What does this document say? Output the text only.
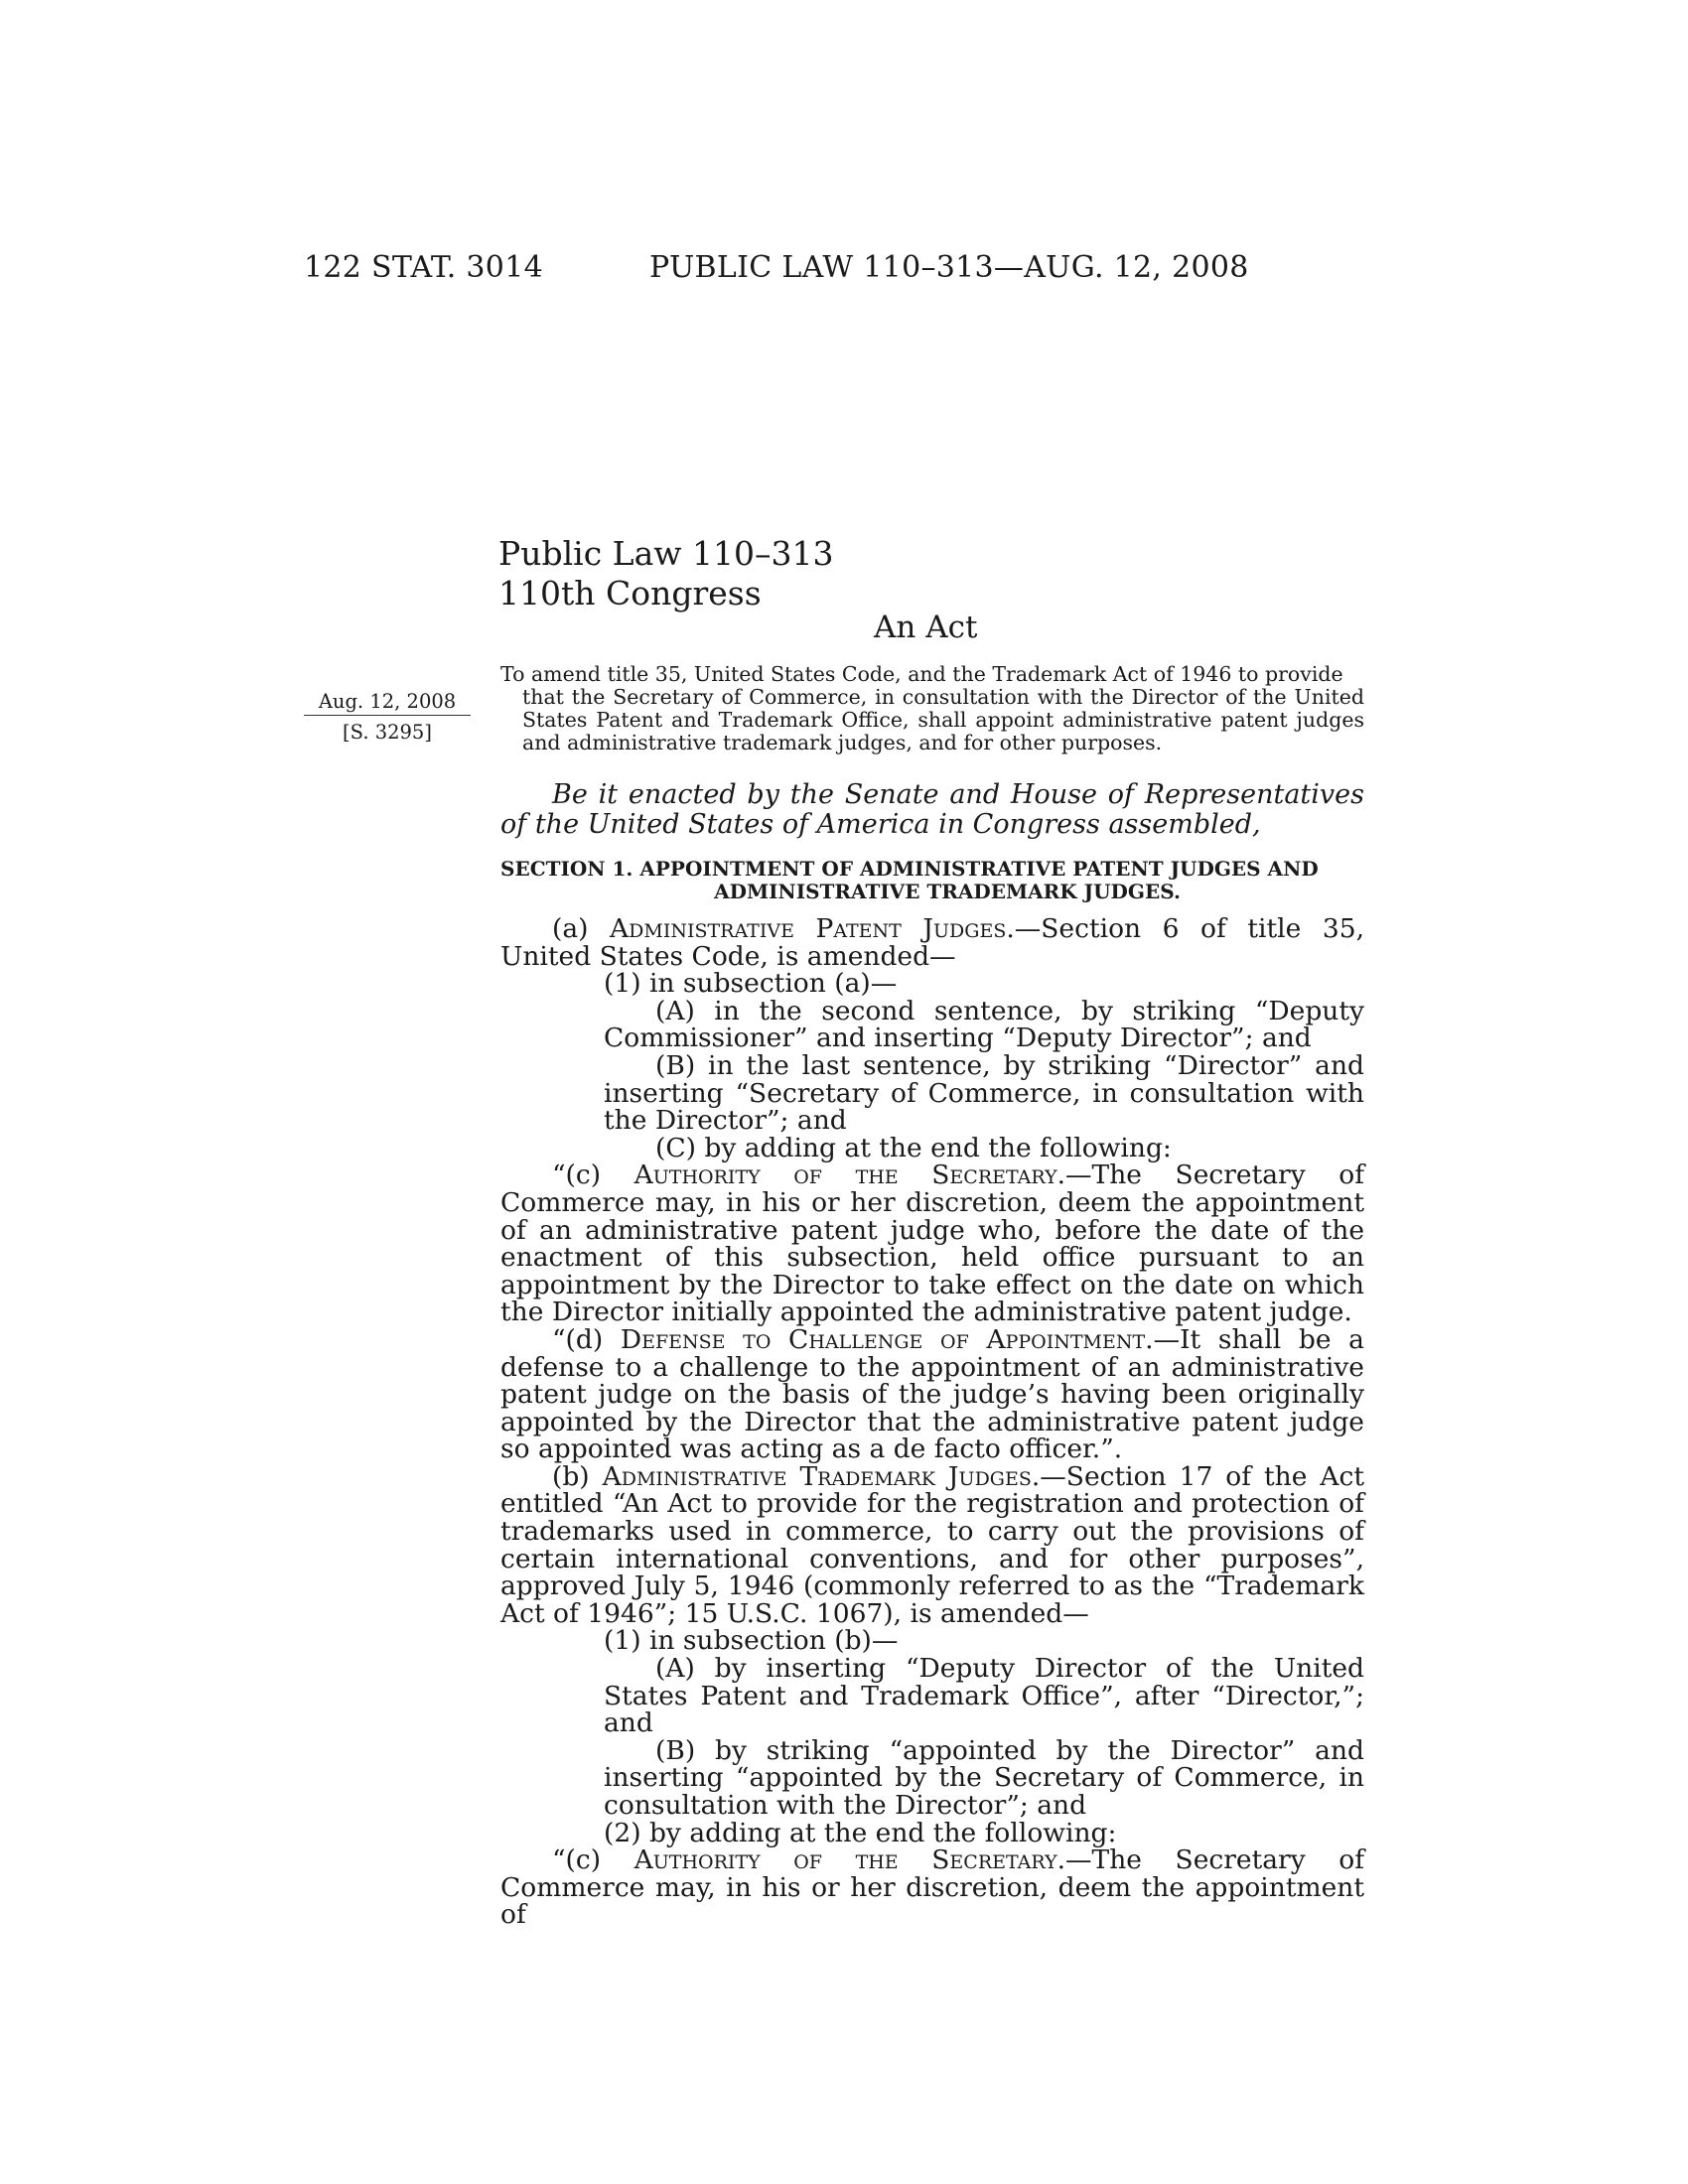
122 STAT. 3014	PUBLIC LAW 110–313—AUG. 12, 2008
Public Law 110–313
110th Congress
An Act
Aug. 12, 2008
[S. 3295]
To amend title 35, United States Code, and the Trademark Act of 1946 to provide
that the Secretary of Commerce, in consultation with the Director of the United States Patent and Trademark Office, shall appoint administrative patent judges and administrative trademark judges, and for other purposes.
Be it enacted by the Senate and House of Representatives of the United States of America in Congress assembled,
SECTION 1. APPOINTMENT OF ADMINISTRATIVE PATENT JUDGES AND
ADMINISTRATIVE TRADEMARK JUDGES.

(a) Administrative Patent Judges.—Section 6 of title 35, United States Code, is amended—

(1) in subsection (a)—

(A) in the second sentence, by striking “Deputy Commissioner” and inserting “Deputy Director”; and

(B) in the last sentence, by striking “Director” and inserting “Secretary of Commerce, in consultation with the Director”; and

(C) by adding at the end the following:

“(c) Authority of the Secretary.—The Secretary of Commerce may, in his or her discretion, deem the appointment of an administrative patent judge who, before the date of the enactment of this subsection, held office pursuant to an appointment by the Director to take effect on the date on which the Director initially appointed the administrative patent judge.

“(d) Defense to Challenge of Appointment.—It shall be a defense to a challenge to the appointment of an administrative patent judge on the basis of the judge’s having been originally appointed by the Director that the administrative patent judge so appointed was acting as a de facto officer.”.

(b) Administrative Trademark Judges.—Section 17 of the Act entitled “An Act to provide for the registration and protection of trademarks used in commerce, to carry out the provisions of certain international conventions, and for other purposes”, approved July 5, 1946 (commonly referred to as the “Trademark Act of 1946”; 15 U.S.C. 1067), is amended—

(1) in subsection (b)—

(A) by inserting “Deputy Director of the United States Patent and Trademark Office”, after “Director,”; and

(B) by striking “appointed by the Director” and inserting “appointed by the Secretary of Commerce, in consultation with the Director”; and

(2) by adding at the end the following:

“(c) Authority of the Secretary.—The Secretary of Commerce may, in his or her discretion, deem the appointment of
